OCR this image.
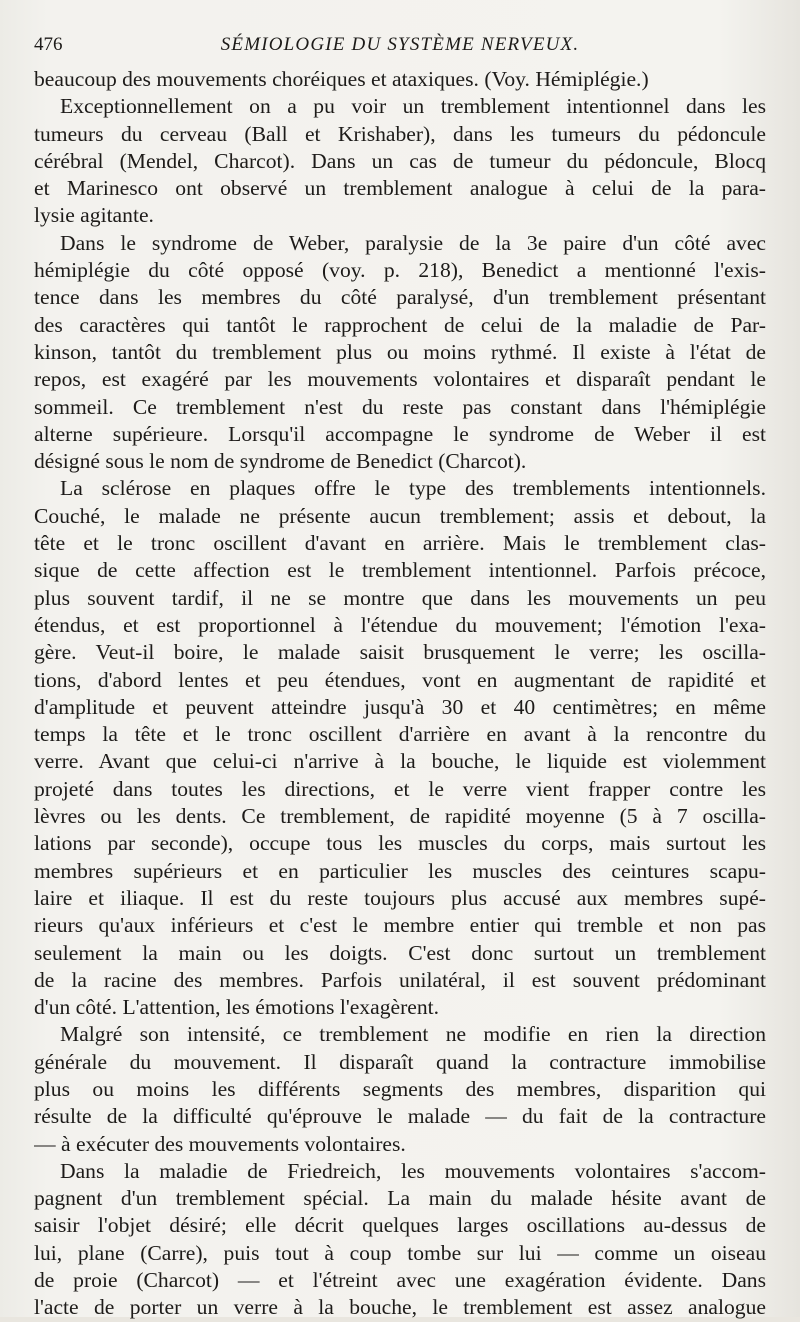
476	SÉMIOLOGIE DU SYSTÈME NERVEUX.
beaucoup des mouvements choréiques et ataxiques. (Voy. Hémiplégie.)
Exceptionnellement on a pu voir un tremblement intentionnel dans les
tumeurs du cerveau (Ball et Krishaber), dans les tumeurs du pédoncule
cérébral (Mendel, Charcot). Dans un cas de tumeur du pédoncule, Blocq
et Marinesco ont observé un tremblement analogue à celui de la para-
lysie agitante.
Dans le syndrome de Weber, paralysie de la 3e paire d'un côté avec
hémiplégie du côté opposé (voy. p. 218), Benedict a mentionné l'exis-
tence dans les membres du côté paralysé, d'un tremblement présentant
des caractères qui tantôt le rapprochent de celui de la maladie de Par-
kinson, tantôt du tremblement plus ou moins rythmé. Il existe à l'état de
repos, est exagéré par les mouvements volontaires et disparaît pendant le
sommeil. Ce tremblement n'est du reste pas constant dans l'hémiplégie
alterne supérieure. Lorsqu'il accompagne le syndrome de Weber il est
désigné sous le nom de syndrome de Benedict (Charcot).
La sclérose en plaques offre le type des tremblements intentionnels.
Couché, le malade ne présente aucun tremblement; assis et debout, la
tête et le tronc oscillent d'avant en arrière. Mais le tremblement clas-
sique de cette affection est le tremblement intentionnel. Parfois précoce,
plus souvent tardif, il ne se montre que dans les mouvements un peu
étendus, et est proportionnel à l'étendue du mouvement; l'émotion l'exa-
gère. Veut-il boire, le malade saisit brusquement le verre; les oscilla-
tions, d'abord lentes et peu étendues, vont en augmentant de rapidité et
d'amplitude et peuvent atteindre jusqu'à 30 et 40 centimètres; en même
temps la tête et le tronc oscillent d'arrière en avant à la rencontre du
verre. Avant que celui-ci n'arrive à la bouche, le liquide est violemment
projeté dans toutes les directions, et le verre vient frapper contre les
lèvres ou les dents. Ce tremblement, de rapidité moyenne (5 à 7 oscilla-
lations par seconde), occupe tous les muscles du corps, mais surtout les
membres supérieurs et en particulier les muscles des ceintures scapu-
laire et iliaque. Il est du reste toujours plus accusé aux membres supé-
rieurs qu'aux inférieurs et c'est le membre entier qui tremble et non pas
seulement la main ou les doigts. C'est donc surtout un tremblement
de la racine des membres. Parfois unilatéral, il est souvent prédominant
d'un côté. L'attention, les émotions l'exagèrent.
Malgré son intensité, ce tremblement ne modifie en rien la direction
générale du mouvement. Il disparaît quand la contracture immobilise
plus ou moins les différents segments des membres, disparition qui
résulte de la difficulté qu'éprouve le malade — du fait de la contracture
— à exécuter des mouvements volontaires.
Dans la maladie de Friedreich, les mouvements volontaires s'accom-
pagnent d'un tremblement spécial. La main du malade hésite avant de
saisir l'objet désiré; elle décrit quelques larges oscillations au-dessus de
lui, plane (Carre), puis tout à coup tombe sur lui — comme un oiseau
de proie (Charcot) — et l'étreint avec une exagération évidente. Dans
l'acte de porter un verre à la bouche, le tremblement est assez analogue
